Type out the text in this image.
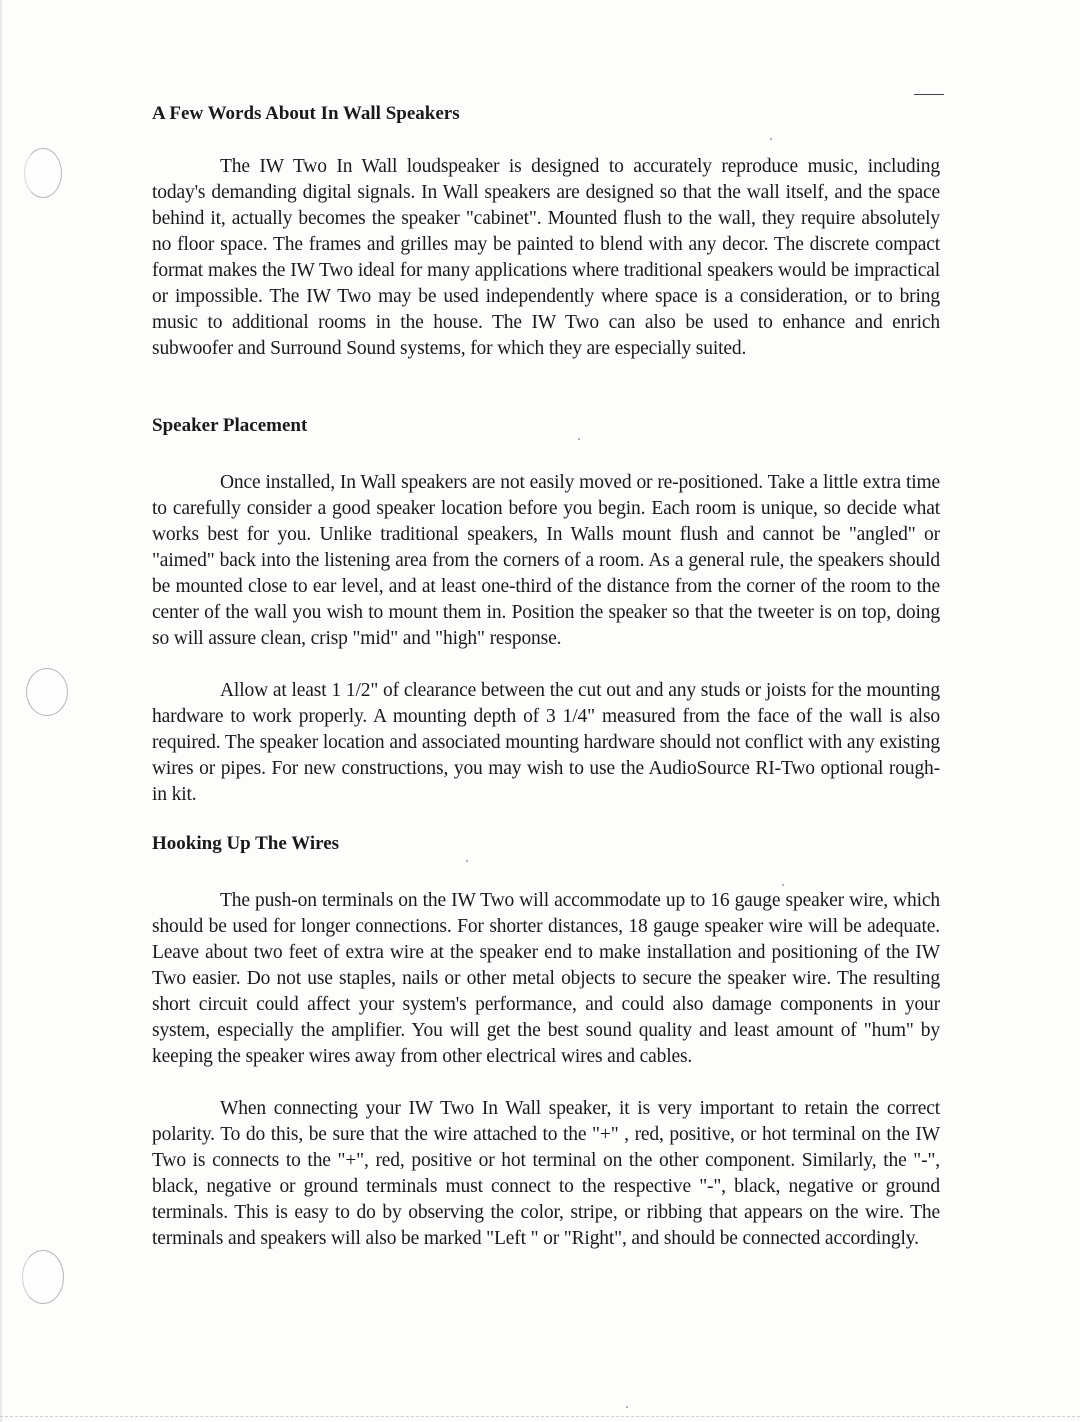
A Few Words About In Wall Speakers

The IW Two In Wall loudspeaker is designed to accurately reproduce music, including today's demanding digital signals. In Wall speakers are designed so that the wall itself, and the space behind it, actually becomes the speaker "cabinet". Mounted flush to the wall, they require absolutely no floor space. The frames and grilles may be painted to blend with any decor. The discrete compact format makes the IW Two ideal for many applications where traditional speakers would be impractical or impossible. The IW Two may be used independently where space is a consideration, or to bring music to additional rooms in the house. The IW Two can also be used to enhance and enrich subwoofer and Surround Sound systems, for which they are especially suited.

Speaker Placement

Once installed, In Wall speakers are not easily moved or re-positioned. Take a little extra time to carefully consider a good speaker location before you begin. Each room is unique, so decide what works best for you. Unlike traditional speakers, In Walls mount flush and cannot be "angled" or "aimed" back into the listening area from the corners of a room. As a general rule, the speakers should be mounted close to ear level, and at least one-third of the distance from the corner of the room to the center of the wall you wish to mount them in. Position the speaker so that the tweeter is on top, doing so will assure clean, crisp "mid" and "high" response.

Allow at least 1 1/2" of clearance between the cut out and any studs or joists for the mounting hardware to work properly. A mounting depth of 3 1/4" measured from the face of the wall is also required. The speaker location and associated mounting hardware should not conflict with any existing wires or pipes. For new constructions, you may wish to use the AudioSource RI-Two optional rough-in kit.

Hooking Up The Wires

The push-on terminals on the IW Two will accommodate up to 16 gauge speaker wire, which should be used for longer connections. For shorter distances, 18 gauge speaker wire will be adequate. Leave about two feet of extra wire at the speaker end to make installation and positioning of the IW Two easier. Do not use staples, nails or other metal objects to secure the speaker wire. The resulting short circuit could affect your system's performance, and could also damage components in your system, especially the amplifier. You will get the best sound quality and least amount of "hum" by keeping the speaker wires away from other electrical wires and cables.

When connecting your IW Two In Wall speaker, it is very important to retain the correct polarity. To do this, be sure that the wire attached to the "+" , red, positive, or hot terminal on the IW Two is connects to the "+", red, positive or hot terminal on the other component. Similarly, the "-", black, negative or ground terminals must connect to the respective "-", black, negative or ground terminals. This is easy to do by observing the color, stripe, or ribbing that appears on the wire. The terminals and speakers will also be marked "Left " or "Right", and should be connected accordingly.
